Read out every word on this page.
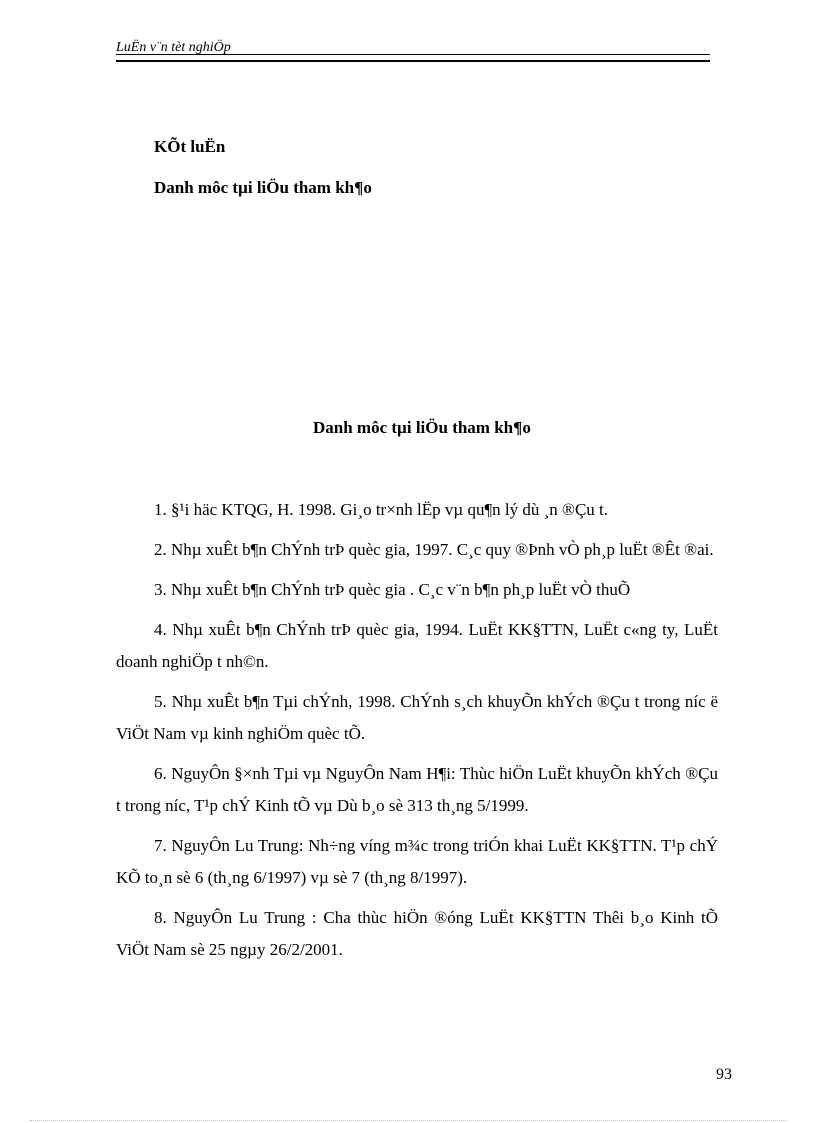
LuËn v¨n tèt nghiÖp
KÕt luËn
Danh môc tµi liÖu tham kh¶o
Danh môc tµi liÖu tham kh¶o

1. §¹i häc KTQG, H. 1998. Gi¸o tr×nh lËp vµ qu¶n lý dù ¸n ®Çu t.

2. Nhµ xuÊt b¶n ChÝnh trÞ quèc gia, 1997. C¸c quy ®Þnh vÒ ph¸p luËt ®Êt ®ai.

3. Nhµ xuÊt b¶n ChÝnh trÞ quèc gia . C¸c v¨n b¶n ph¸p luËt vÒ thuÕ

4. Nhµ xuÊt b¶n ChÝnh trÞ quèc gia, 1994. LuËt KK§TTN, LuËt c«ng ty, LuËt doanh nghiÖp t nh©n.

5. Nhµ xuÊt b¶n Tµi chÝnh, 1998. ChÝnh s¸ch khuyÕn khÝch ®Çu t trong níc ë ViÖt Nam vµ kinh nghiÖm quèc tÕ.

6. NguyÔn §×nh Tµi vµ NguyÔn Nam H¶i: Thùc hiÖn LuËt khuyÕn khÝch ®Çu t trong níc, T¹p chÝ Kinh tÕ vµ Dù b¸o sè 313 th¸ng 5/1999.

7. NguyÔn Lu Trung: Nh÷ng víng m¾c trong triÓn khai LuËt KK§TTN. T¹p chÝ KÕ to¸n sè 6 (th¸ng 6/1997) vµ sè 7 (th¸ng 8/1997).

8. NguyÔn Lu Trung : Cha thùc hiÖn ®óng LuËt KK§TTN Thêi b¸o Kinh tÕ ViÖt Nam sè 25 ngµy 26/2/2001.

93
